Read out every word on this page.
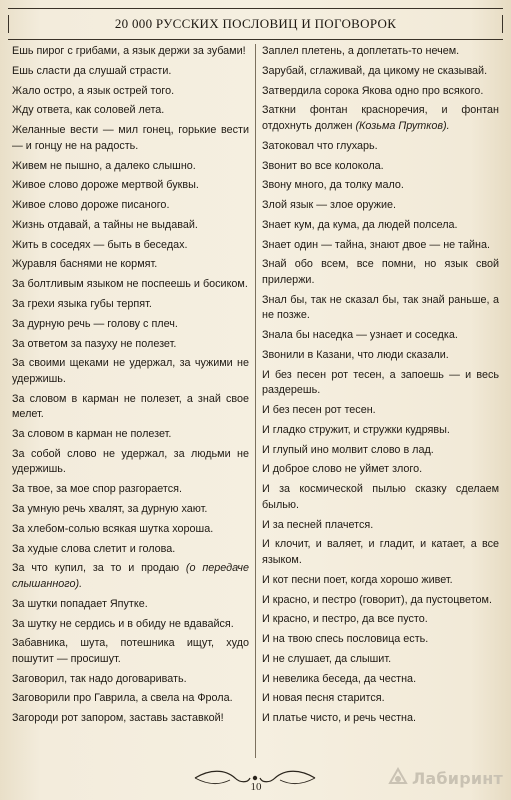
20 000 РУССКИХ ПОСЛОВИЦ И ПОГОВОРОК

Ешь пирог с грибами, а язык держи за зубами!

Ешь сласти да слушай страсти.

Жало остро, а язык острей того.

Жду ответа, как соловей лета.

Желанные вести — мил гонец, горькие вести — и гонцу не на радость.

Живем не пышно, а далеко слышно.

Живое слово дороже мертвой буквы.

Живое слово дороже писаного.

Жизнь отдавай, а тайны не выдавай.

Жить в соседях — быть в беседах.

Журавля баснями не кормят.

За болтливым языком не поспеешь и босиком.

За грехи языка губы терпят.

За дурную речь — голову с плеч.

За ответом за пазуху не полезет.

За своими щеками не удержал, за чужими не удержишь.

За словом в карман не полезет, а знай свое мелет.

За словом в карман не полезет.

За собой слово не удержал, за людьми не удержишь.

За твое, за мое спор разгорается.

За умную речь хвалят, за дурную хают.

За хлебом-солью всякая шутка хороша.

За худые слова слетит и голова.

За что купил, за то и продаю (о передаче слышанного).

За шутки попадает Япутке.

За шутку не сердись и в обиду не вдавайся.

Забавника, шута, потешника ищут, худо пошутит — просишут.

Заговорил, так надо договаривать.

Заговорили про Гаврила, а свела на Фрола.

Загороди рот запором, заставь заставкой!

Заплел плетень, а доплетать-то нечем.

Зарубай, сглаживай, да цикому не сказывай.

Затвердила сорока Якова одно про всякого.

Заткни фонтан красноречия, и фонтан отдохнуть должен (Козьма Прутков).

Затоковал что глухарь.

Звонит во все колокола.

Звону много, да толку мало.

Злой язык — злое оружие.

Знает кум, да кума, да людей полсела.

Знает один — тайна, знают двое — не тайна.

Знай обо всем, все помни, но язык свой прилержи.

Знал бы, так не сказал бы, так знай раньше, а не позже.

Знала бы наседка — узнает и соседка.

Звонили в Казани, что люди сказали.

И без песен рот тесен, а запоешь — и весь раздерешь.

И без песен рот тесен.

И гладко стружит, и стружки кудрявы.

И глупый ино молвит слово в лад.

И доброе слово не уймет злого.

И за космической пылью сказку сделаем былью.

И за песней плачется.

И клочит, и валяет, и гладит, и катает, а все языком.

И кот песни поет, когда хорошо живет.

И красно, и пестро (говорит), да пустоцветом.

И красно, и пестро, да все пусто.

И на твою спесь пословица есть.

И не слушает, да слышит.

И невелика беседа, да честна.

И новая песня старится.

И платье чисто, и речь честна.

10	Лабиринт
